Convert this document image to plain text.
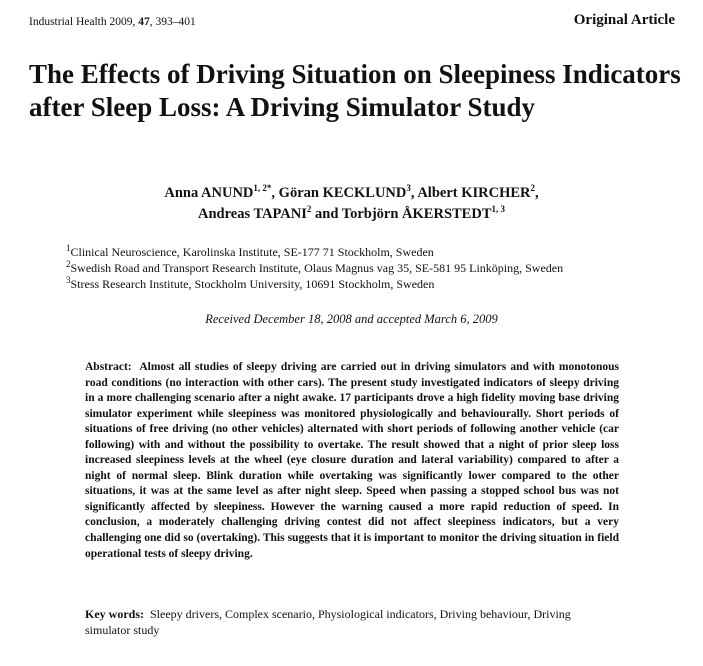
Industrial Health 2009, 47, 393–401	Original Article
The Effects of Driving Situation on Sleepiness Indicators after Sleep Loss: A Driving Simulator Study
Anna $ANUND^{1, 2*}$, Göran KECKLUND$^3$, Albert KIRCHER$^2$,
Andreas TAPANI$^2$ and Torbjörn ÅKERSTEDT$^{1, 3}$
$^1$Clinical Neuroscience, Karolinska Institute, SE-177 71 Stockholm, Sweden
$^2$Swedish Road and Transport Research Institute, Olaus Magnus vag 35, SE-581 95 Linköping, Sweden
$^3$Stress Research Institute, Stockholm University, 10691 Stockholm, Sweden
Received December 18, 2008 and accepted March 6, 2009

Abstract: Almost all studies of sleepy driving are carried out in driving simulators and with monotonous road conditions (no interaction with other cars). The present study investigated indicators of sleepy driving in a more challenging scenario after a night awake. 17 participants drove a high fidelity moving base driving simulator experiment while sleepiness was monitored physiologically and behaviourally. Short periods of situations of free driving (no other vehicles) alternated with short periods of following another vehicle (car following) with and without the possibility to overtake. The result showed that a night of prior sleep loss increased sleepiness levels at the wheel (eye closure duration and lateral variability) compared to after a night of normal sleep. Blink duration while overtaking was significantly lower compared to the other situations, it was at the same level as after night sleep. Speed when passing a stopped school bus was not significantly affected by sleepiness. However the warning caused a more rapid reduction of speed. In conclusion, a moderately challenging driving contest did not affect sleepiness indicators, but a very challenging one did so (overtaking). This suggests that it is important to monitor the driving situation in field operational tests of sleepy driving.

Key words: Sleepy drivers, Complex scenario, Physiological indicators, Driving behaviour, Driving simulator study
